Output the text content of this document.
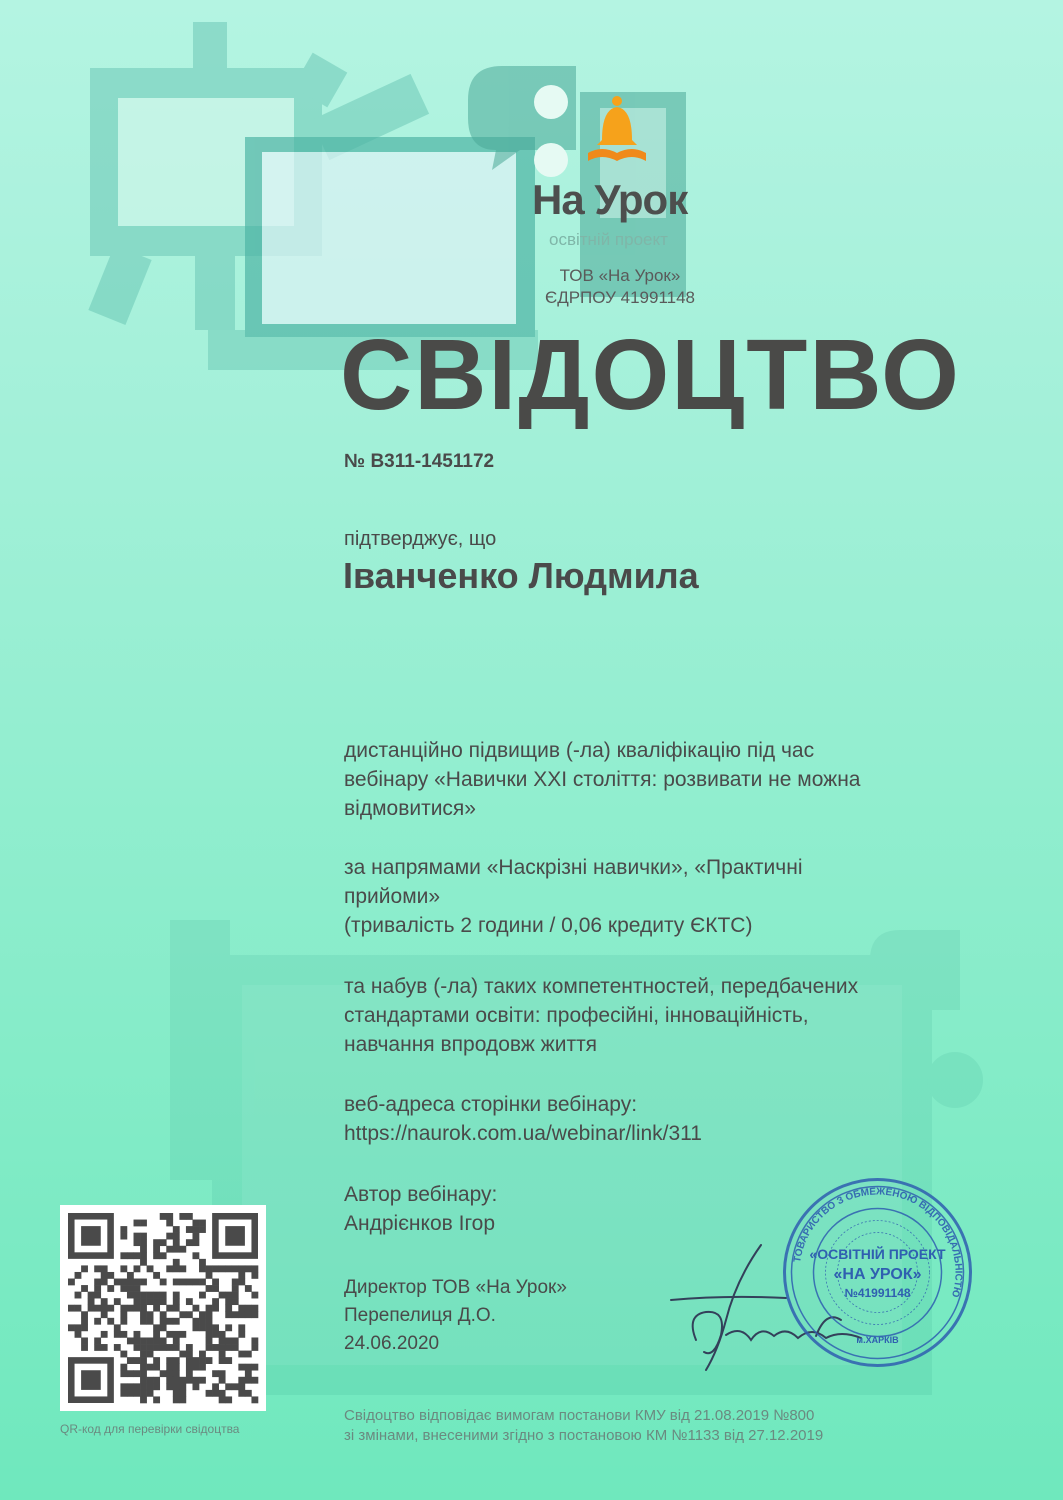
На Урок
освітній проект
ТОВ «На Урок»
ЄДРПОУ 41991148
СВІДОЦТВО
№ B311-1451172
підтверджує, що
Іванченко Людмила
дистанційно підвищив (-ла) кваліфікацію під час
вебінару «Навички XXI століття: розвивати не можна
відмовитися»
за напрямами «Наскрізні навички», «Практичні
прийоми»
(тривалість 2 години / 0,06 кредиту ЄКТС)
та набув (-ла) таких компетентностей, передбачених
стандартами освіти: професійні, інноваційність,
навчання впродовж життя
веб-адреса сторінки вебінару:
https://naurok.com.ua/webinar/link/311
Автор вебінару:
Андрієнков Ігор
Директор ТОВ «На Урок»
Перепелиця Д.О.
24.06.2020
ТОВАРИСТВО З ОБМЕЖЕНОЮ ВІДПОВІДАЛЬНІСТЮ
«ОСВІТНІЙ ПРОЕКТ
«НА УРОК»
№41991148
м.ХАРКІВ
QR-код для перевірки свідоцтва
Свідоцтво відповідає вимогам постанови КМУ від 21.08.2019 №800
зі змінами, внесеними згідно з постановою КМ №1133 від 27.12.2019
